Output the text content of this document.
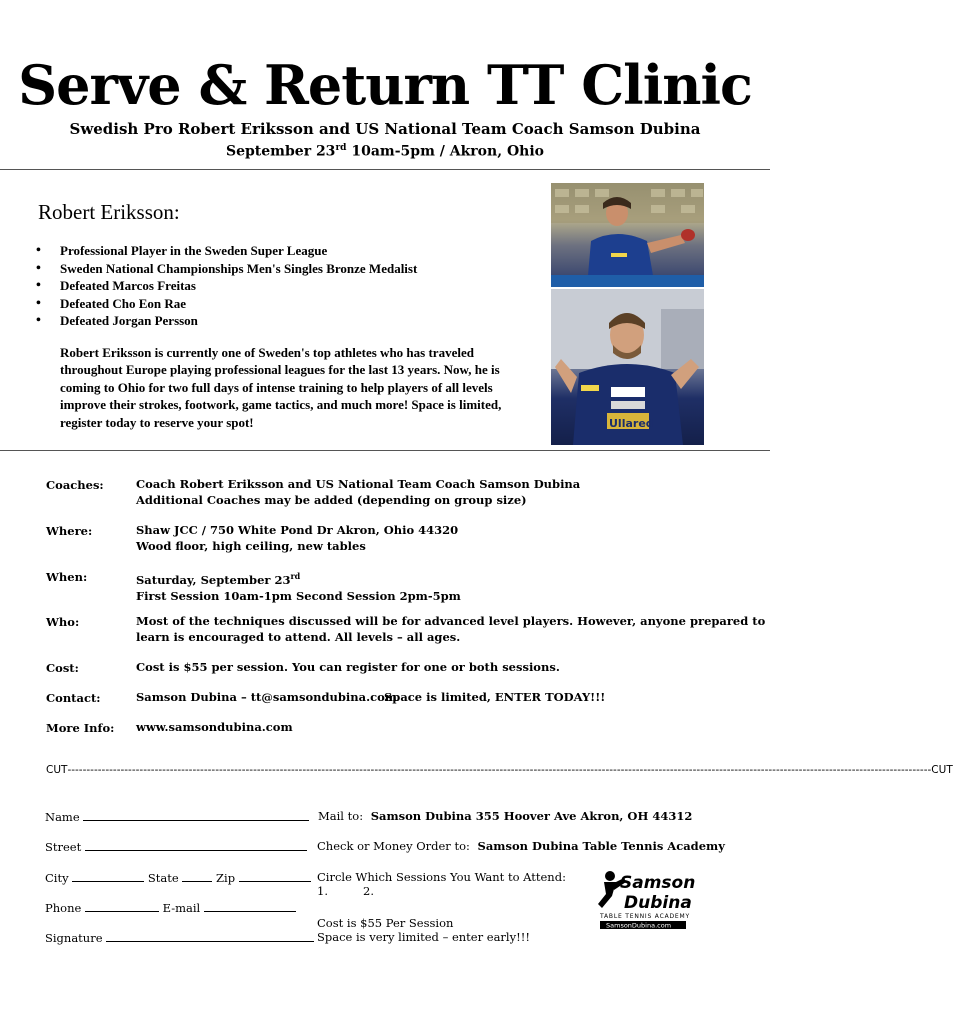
Serve & Return TT Clinic
Swedish Pro Robert Eriksson and US National Team Coach Samson Dubina
September 23rd 10am-5pm / Akron, Ohio
Robert Eriksson:
• Professional Player in the Sweden Super League
• Sweden National Championships Men's Singles Bronze Medalist
• Defeated Marcos Freitas
• Defeated Cho Eon Rae
• Defeated Jorgan Persson
Robert Eriksson is currently one of Sweden's top athletes who has traveled throughout Europe playing professional leagues for the last 13 years. Now, he is coming to Ohio for two full days of intense training to help players of all levels improve their strokes, footwork, game tactics, and much more! Space is limited, register today to reserve your spot!	Ullared
Coaches:	Coach Robert Eriksson and US National Team Coach Samson Dubina
Additional Coaches may be added (depending on group size)
Where:	Shaw JCC / 750 White Pond Dr Akron, Ohio 44320
Wood floor, high ceiling, new tables
When:	Saturday, September 23rd
First Session 10am-1pm Second Session 2pm-5pm
Who:	Most of the techniques discussed will be for advanced level players. However, anyone prepared to
learn is encouraged to attend. All levels – all ages.
Cost:	Cost is $55 per session. You can register for one or both sessions.
Contact:	Samson Dubina – tt@samsondubina.com
Space is limited, ENTER TODAY!!!
More Info: www.samsondubina.com
CUT ------------------------------------------------------------------------------------------------------------------------------------------------------------------------------------------------------------------------------------ CUT
Name
Street
City	State	Zip
Phone	E-mail
Signature
Mail to: Samson Dubina 355 Hoover Ave Akron, OH 44312
Check or Money Order to: Samson Dubina Table Tennis Academy
Circle Which Sessions You Want to Attend:
1.	2.
Cost is $55 Per Session
Space is very limited – enter early!!!
Samson
Dubina
TABLE TENNIS ACADEMY
SamsonDubina.com
